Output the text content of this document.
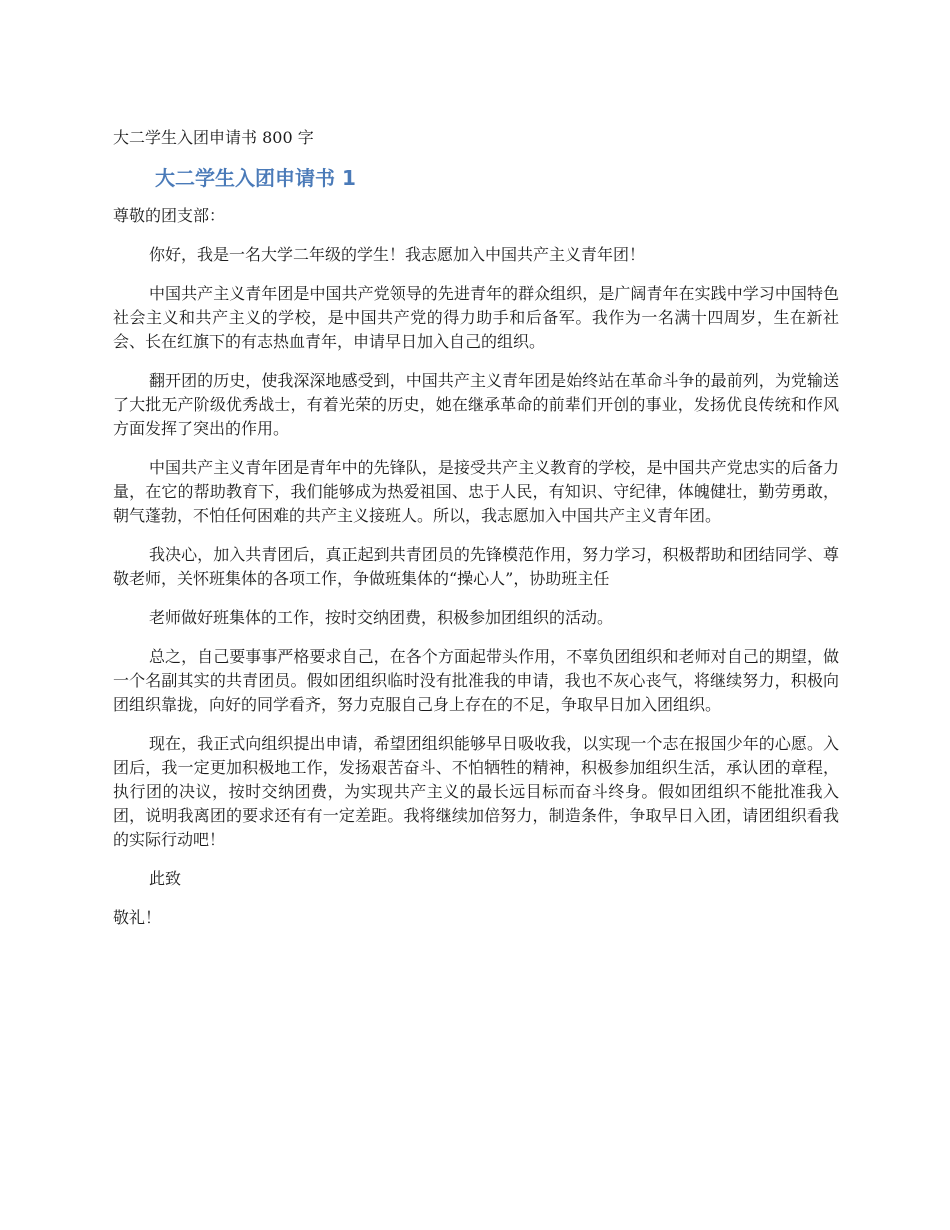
大二学生入团申请书 800 字
大二学生入团申请书 1

尊敬的团支部：

你好，我是一名大学二年级的学生！我志愿加入中国共产主义青年团！

中国共产主义青年团是中国共产党领导的先进青年的群众组织，是广阔青年在实践中学习中国特色社会主义和共产主义的学校，是中国共产党的得力助手和后备军。我作为一名满十四周岁，生在新社会、长在红旗下的有志热血青年，申请早日加入自己的组织。

翻开团的历史，使我深深地感受到，中国共产主义青年团是始终站在革命斗争的最前列，为党输送了大批无产阶级优秀战士，有着光荣的历史，她在继承革命的前辈们开创的事业，发扬优良传统和作风方面发挥了突出的作用。

中国共产主义青年团是青年中的先锋队，是接受共产主义教育的学校，是中国共产党忠实的后备力量，在它的帮助教育下，我们能够成为热爱祖国、忠于人民，有知识、守纪律，体魄健壮，勤劳勇敢，朝气蓬勃，不怕任何困难的共产主义接班人。所以，我志愿加入中国共产主义青年团。

我决心，加入共青团后，真正起到共青团员的先锋模范作用，努力学习，积极帮助和团结同学、尊敬老师，关怀班集体的各项工作，争做班集体的“操心人”，协助班主任

老师做好班集体的工作，按时交纳团费，积极参加团组织的活动。

总之，自己要事事严格要求自己，在各个方面起带头作用，不辜负团组织和老师对自己的期望，做一个名副其实的共青团员。假如团组织临时没有批准我的申请，我也不灰心丧气，将继续努力，积极向团组织靠拢，向好的同学看齐，努力克服自己身上存在的不足，争取早日加入团组织。

现在，我正式向组织提出申请，希望团组织能够早日吸收我，以实现一个志在报国少年的心愿。入团后，我一定更加积极地工作，发扬艰苦奋斗、不怕牺牲的精神，积极参加组织生活，承认团的章程，执行团的决议，按时交纳团费，为实现共产主义的最长远目标而奋斗终身。假如团组织不能批准我入团，说明我离团的要求还有有一定差距。我将继续加倍努力，制造条件，争取早日入团，请团组织看我的实际行动吧！

此致

敬礼！
